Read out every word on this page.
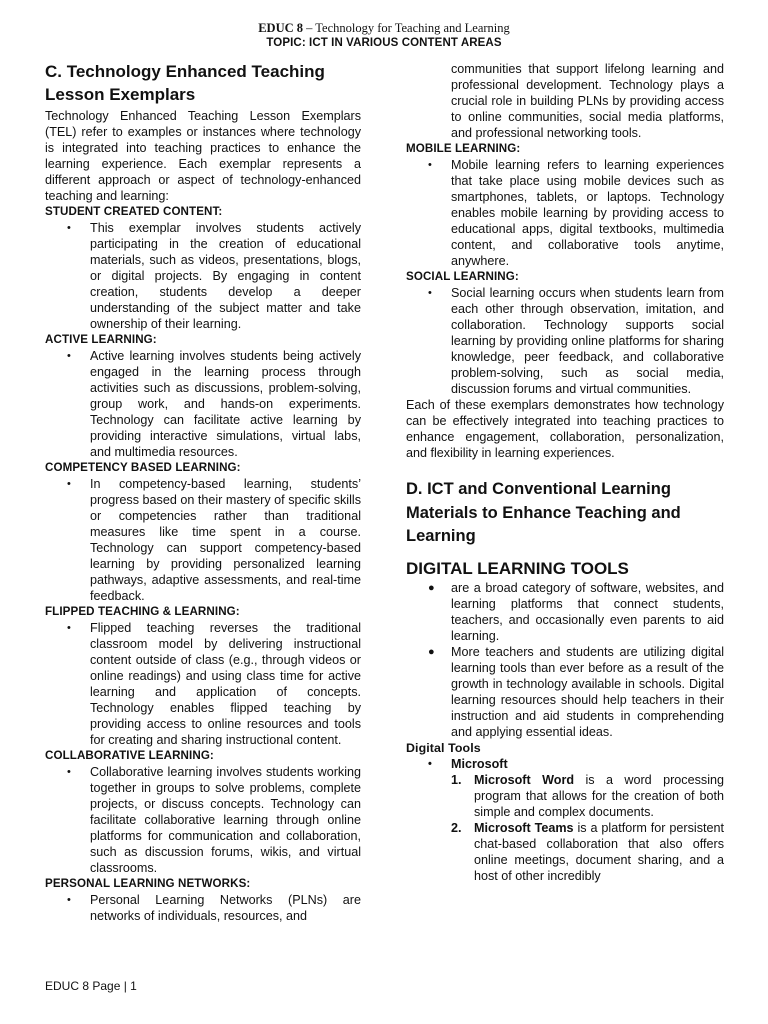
EDUC 8 – Technology for Teaching and Learning
TOPIC: ICT IN VARIOUS CONTENT AREAS
C. Technology Enhanced Teaching
Lesson Exemplars

Technology Enhanced Teaching Lesson Exemplars (TEL) refer to examples or instances where technology is integrated into teaching practices to enhance the learning experience. Each exemplar represents a different approach or aspect of technology-enhanced teaching and learning:

STUDENT CREATED CONTENT:
• This exemplar involves students actively participating in the creation of educational materials, such as videos, presentations, blogs, or digital projects. By engaging in content creation, students develop a deeper understanding of the subject matter and take ownership of their learning.
ACTIVE LEARNING:
• Active learning involves students being actively engaged in the learning process through activities such as discussions, problem-solving, group work, and hands-on experiments. Technology can facilitate active learning by providing interactive simulations, virtual labs, and multimedia resources.
COMPETENCY BASED LEARNING:
• In competency-based learning, students’ progress based on their mastery of specific skills or competencies rather than traditional measures like time spent in a course. Technology can support competency-based learning by providing personalized learning pathways, adaptive assessments, and real-time feedback.
FLIPPED TEACHING & LEARNING:
• Flipped teaching reverses the traditional classroom model by delivering instructional content outside of class (e.g., through videos or online readings) and using class time for active learning and application of concepts. Technology enables flipped teaching by providing access to online resources and tools for creating and sharing instructional content.
COLLABORATIVE LEARNING:
• Collaborative learning involves students working together in groups to solve problems, complete projects, or discuss concepts. Technology can facilitate collaborative learning through online platforms for communication and collaboration, such as discussion forums, wikis, and virtual classrooms.
PERSONAL LEARNING NETWORKS:
• Personal Learning Networks (PLNs) are networks of individuals, resources, and
communities that support lifelong learning and professional development. Technology plays a crucial role in building PLNs by providing access to online communities, social media platforms, and professional networking tools.
MOBILE LEARNING:
• Mobile learning refers to learning experiences that take place using mobile devices such as smartphones, tablets, or laptops. Technology enables mobile learning by providing access to educational apps, digital textbooks, multimedia content, and collaborative tools anytime, anywhere.
SOCIAL LEARNING:
• Social learning occurs when students learn from each other through observation, imitation, and collaboration. Technology supports social learning by providing online platforms for sharing knowledge, peer feedback, and collaborative problem-solving, such as social media, discussion forums and virtual communities.

Each of these exemplars demonstrates how technology can be effectively integrated into teaching practices to enhance engagement, collaboration, personalization, and flexibility in learning experiences.

D. ICT and Conventional Learning
Materials to Enhance Teaching and
Learning
DIGITAL LEARNING TOOLS
● are a broad category of software, websites, and learning platforms that connect students, teachers, and occasionally even parents to aid learning.
● More teachers and students are utilizing digital learning tools than ever before as a result of the growth in technology available in schools. Digital learning resources should help teachers in their instruction and aid students in comprehending and applying essential ideas.
Digital Tools
• Microsoft
1. Microsoft Word is a word processing program that allows for the creation of both simple and complex documents.
2. Microsoft Teams is a platform for persistent chat-based collaboration that also offers online meetings, document sharing, and a host of other incredibly
EDUC 8 Page | 1
